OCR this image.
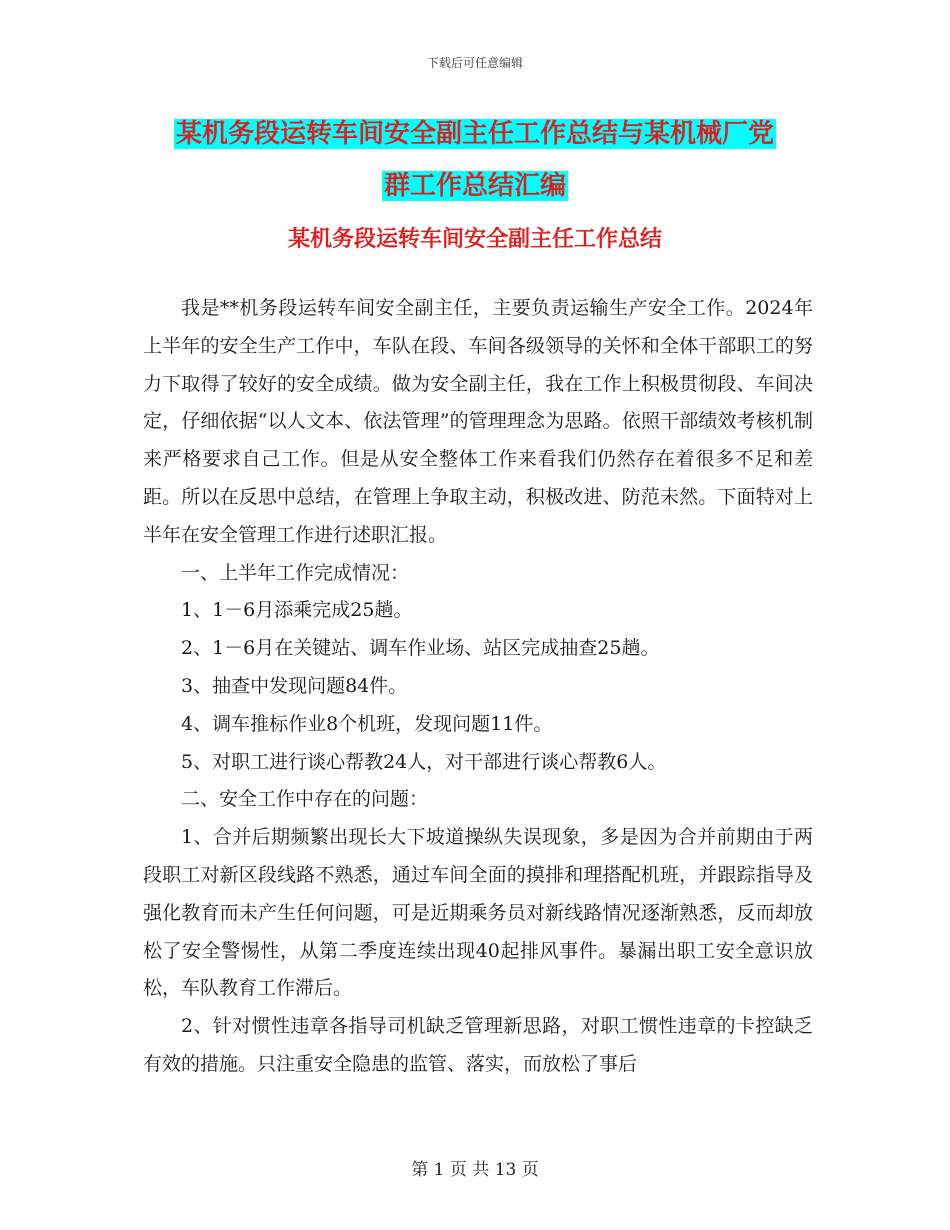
下载后可任意编辑
某机务段运转车间安全副主任工作总结与某机械厂党
群工作总结汇编
某机务段运转车间安全副主任工作总结

我是**机务段运转车间安全副主任，主要负责运输生产安全工作。2024年上半年的安全生产工作中，车队在段、车间各级领导的关怀和全体干部职工的努力下取得了较好的安全成绩。做为安全副主任，我在工作上积极贯彻段、车间决定，仔细依据“以人文本、依法管理”的管理理念为思路。依照干部绩效考核机制来严格要求自己工作。但是从安全整体工作来看我们仍然存在着很多不足和差距。所以在反思中总结，在管理上争取主动，积极改进、防范未然。下面特对上半年在安全管理工作进行述职汇报。

一、上半年工作完成情况：

1、1－6月添乘完成25趟。

2、1－6月在关键站、调车作业场、站区完成抽查25趟。

3、抽查中发现问题84件。

4、调车推标作业8个机班，发现问题11件。

5、对职工进行谈心帮教24人，对干部进行谈心帮教6人。

二、安全工作中存在的问题：

1、合并后期频繁出现长大下坡道操纵失误现象，多是因为合并前期由于两段职工对新区段线路不熟悉，通过车间全面的摸排和理搭配机班，并跟踪指导及强化教育而未产生任何问题，可是近期乘务员对新线路情况逐渐熟悉，反而却放松了安全警惕性，从第二季度连续出现40起排风事件。暴漏出职工安全意识放松，车队教育工作滞后。

2、针对惯性违章各指导司机缺乏管理新思路，对职工惯性违章的卡控缺乏有效的措施。只注重安全隐患的监管、落实，而放松了事后

第 1 页 共 13 页
